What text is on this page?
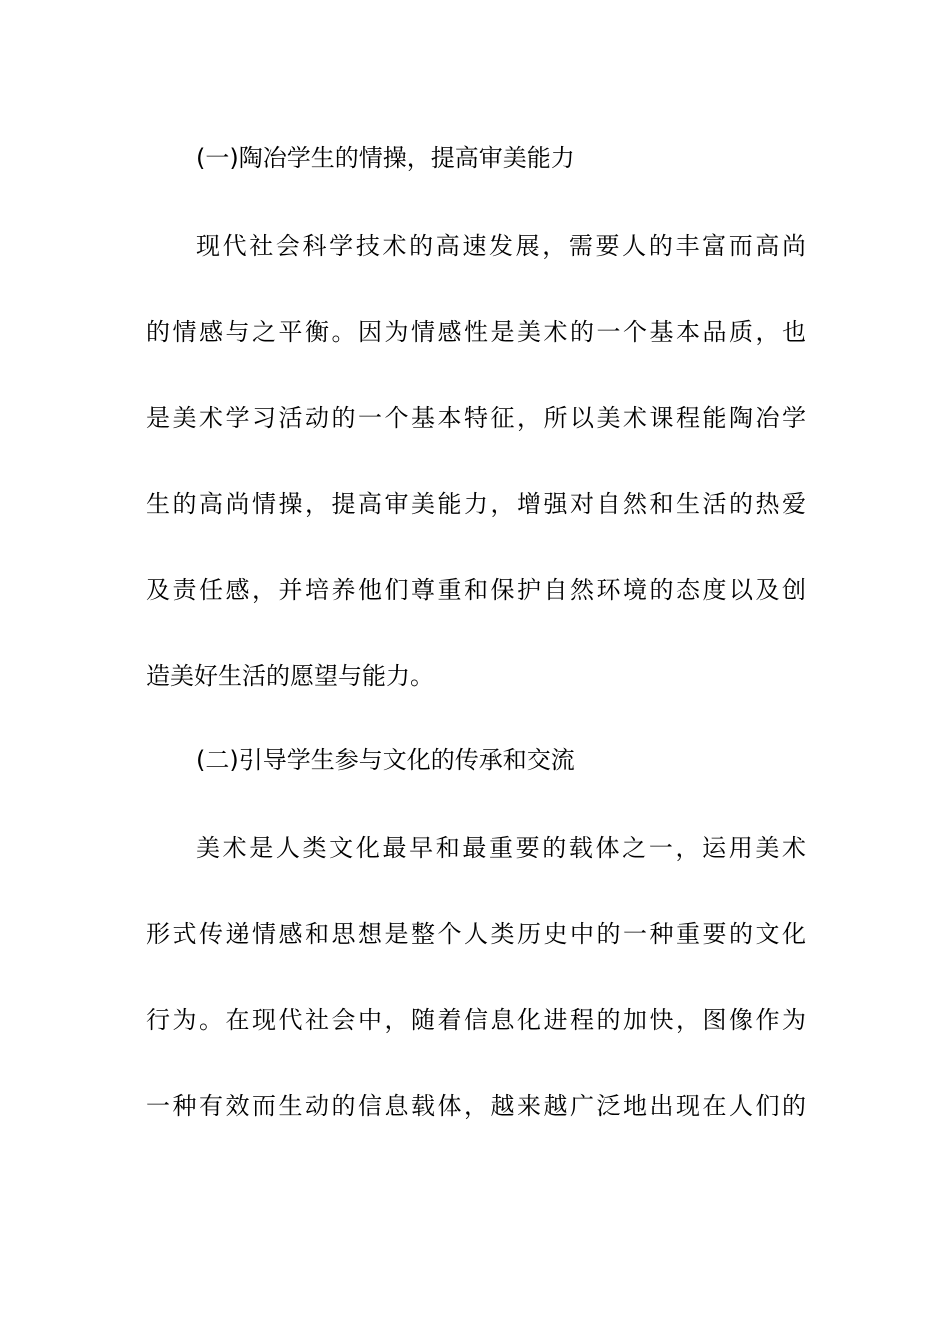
(一)陶冶学生的情操，提高审美能力
现代社会科学技术的高速发展，需要人的丰富而高尚
的情感与之平衡。因为情感性是美术的一个基本品质，也
是美术学习活动的一个基本特征，所以美术课程能陶冶学
生的高尚情操，提高审美能力，增强对自然和生活的热爱
及责任感，并培养他们尊重和保护自然环境的态度以及创
造美好生活的愿望与能力。
(二)引导学生参与文化的传承和交流
美术是人类文化最早和最重要的载体之一，运用美术
形式传递情感和思想是整个人类历史中的一种重要的文化
行为。在现代社会中，随着信息化进程的加快，图像作为
一种有效而生动的信息载体，越来越广泛地出现在人们的
